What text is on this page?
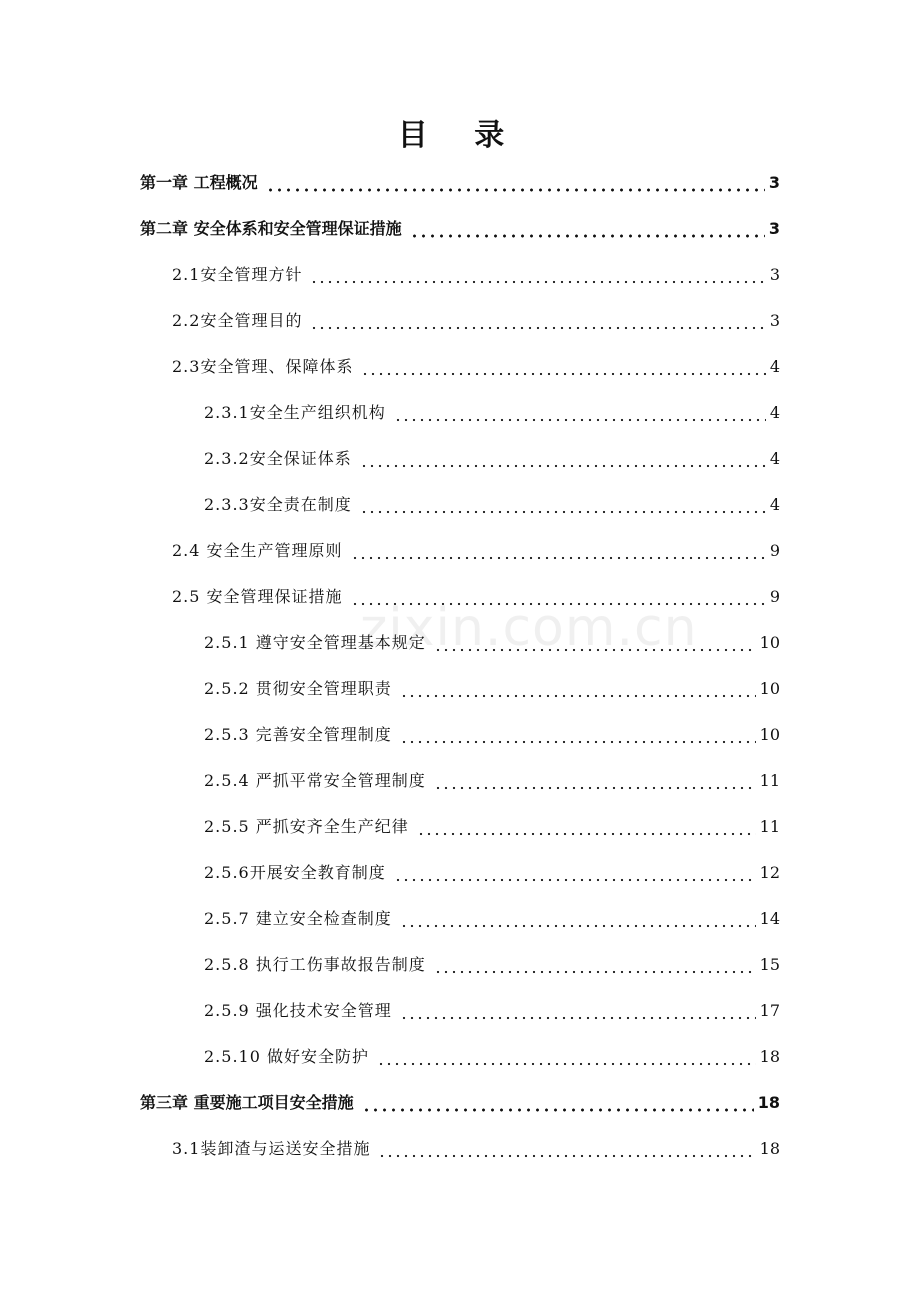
目 录
zixin.com.cn
第一章 工程概况	3
第二章 安全体系和安全管理保证措施	3
2.1安全管理方针	3
2.2安全管理目的	3
2.3安全管理、保障体系	4
2.3.1安全生产组织机构	4
2.3.2安全保证体系	4
2.3.3安全责在制度	4
2.4 安全生产管理原则	9
2.5 安全管理保证措施	9
2.5.1 遵守安全管理基本规定	10
2.5.2 贯彻安全管理职责	10
2.5.3 完善安全管理制度	10
2.5.4 严抓平常安全管理制度	11
2.5.5 严抓安齐全生产纪律	11
2.5.6开展安全教育制度	12
2.5.7 建立安全检查制度	14
2.5.8 执行工伤事故报告制度	15
2.5.9 强化技术安全管理	17
2.5.10 做好安全防护	18
第三章 重要施工项目安全措施	18
3.1装卸渣与运送安全措施	18
